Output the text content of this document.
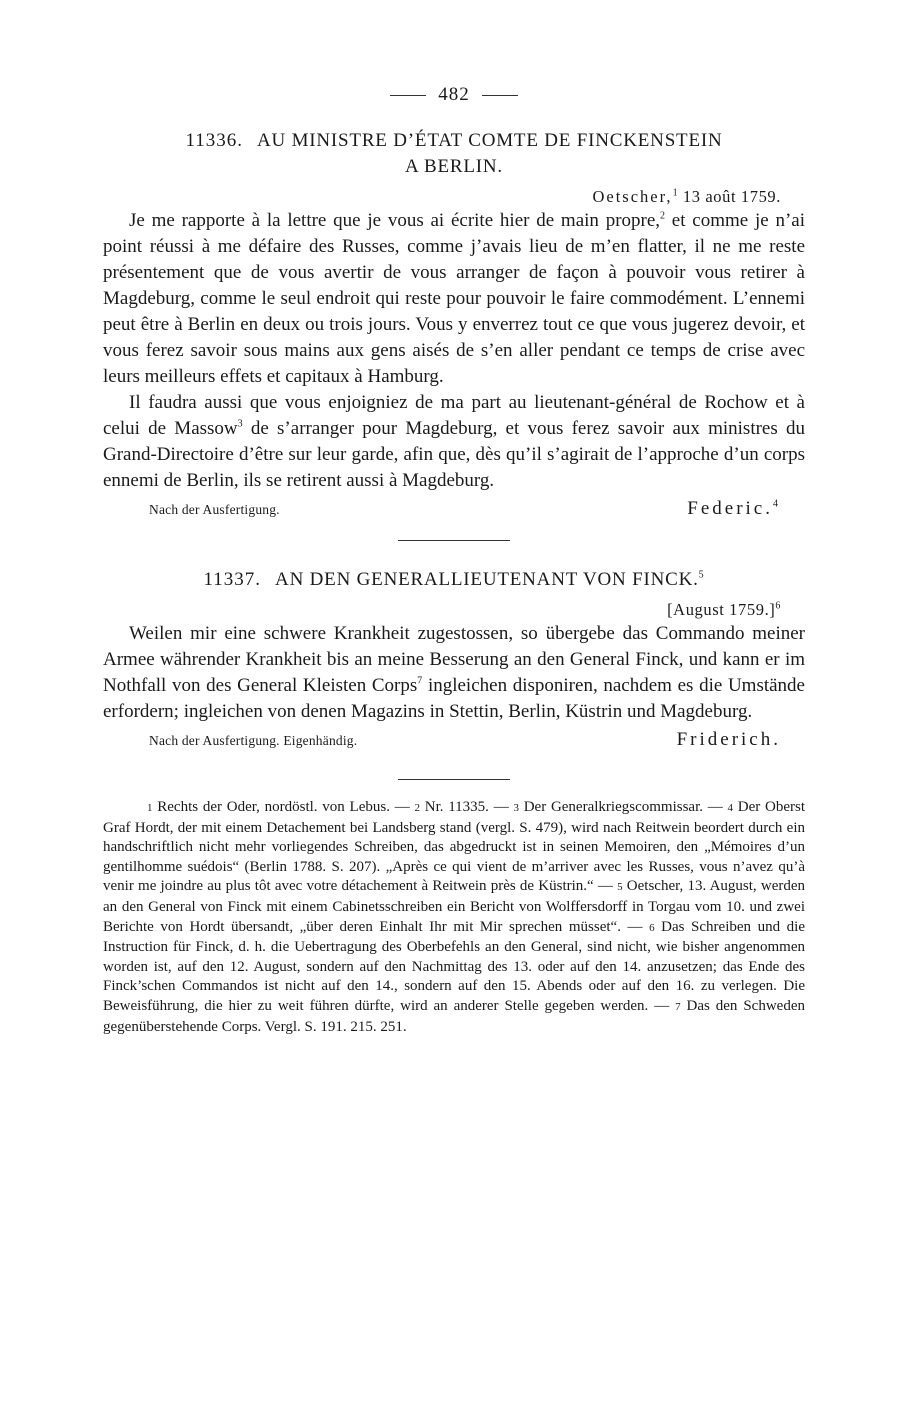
482
11336. AU MINISTRE D’ÉTAT COMTE DE FINCKENSTEIN
A BERLIN.
Oetscher,$^1$ 13 août 1759.

Je me rapporte à la lettre que je vous ai écrite hier de main propre,$^2$ et comme je n’ai point réussi à me défaire des Russes, comme j’avais lieu de m’en flatter, il ne me reste présentement que de vous avertir de vous arranger de façon à pouvoir vous retirer à Magdeburg, comme le seul endroit qui reste pour pouvoir le faire commodément. L’ennemi peut être à Berlin en deux ou trois jours. Vous y enverrez tout ce que vous jugerez devoir, et vous ferez savoir sous mains aux gens aisés de s’en aller pendant ce temps de crise avec leurs meilleurs effets et capitaux à Hamburg.

Il faudra aussi que vous enjoigniez de ma part au lieutenant-général de Rochow et à celui de Massow$^3$ de s’arranger pour Magdeburg, et vous ferez savoir aux ministres du Grand-Directoire d’être sur leur garde, afin que, dès qu’il s’agirait de l’approche d’un corps ennemi de Berlin, ils se retirent aussi à Magdeburg.

Nach der Ausfertigung.	Federic.$^4$
11337. AN DEN GENERALLIEUTENANT VON FINCK.$^5$
[August 1759.]$^6$

Weilen mir eine schwere Krankheit zugestossen, so übergebe das Commando meiner Armee währender Krankheit bis an meine Besserung an den General Finck, und kann er im Nothfall von des General Kleisten Corps$^7$ ingleichen disponiren, nachdem es die Umstände erfordern; ingleichen von denen Magazins in Stettin, Berlin, Küstrin und Magdeburg.

Nach der Ausfertigung. Eigenhändig.	Friderich.
1 Rechts der Oder, nordöstl. von Lebus. — 2 Nr. 11335. — 3 Der Generalkriegscommissar. — 4 Der Oberst Graf Hordt, der mit einem Detachement bei Landsberg stand (vergl. S. 479), wird nach Reitwein beordert durch ein handschriftlich nicht mehr vorliegendes Schreiben, das abgedruckt ist in seinen Memoiren, den „Mémoires d’un gentilhomme suédois“ (Berlin 1788. S. 207). „Après ce qui vient de m’arriver avec les Russes, vous n’avez qu’à venir me joindre au plus tôt avec votre détachement à Reitwein près de Küstrin.“ — 5 Oetscher, 13. August, werden an den General von Finck mit einem Cabinetsschreiben ein Bericht von Wolffersdorff in Torgau vom 10. und zwei Berichte von Hordt übersandt, „über deren Einhalt Ihr mit Mir sprechen müsset“. — 6 Das Schreiben und die Instruction für Finck, d. h. die Uebertragung des Oberbefehls an den General, sind nicht, wie bisher angenommen worden ist, auf den 12. August, sondern auf den Nachmittag des 13. oder auf den 14. anzusetzen; das Ende des Finck’schen Commandos ist nicht auf den 14., sondern auf den 15. Abends oder auf den 16. zu verlegen. Die Beweisführung, die hier zu weit führen dürfte, wird an anderer Stelle gegeben werden. — 7 Das den Schweden gegenüberstehende Corps. Vergl. S. 191. 215. 251.
